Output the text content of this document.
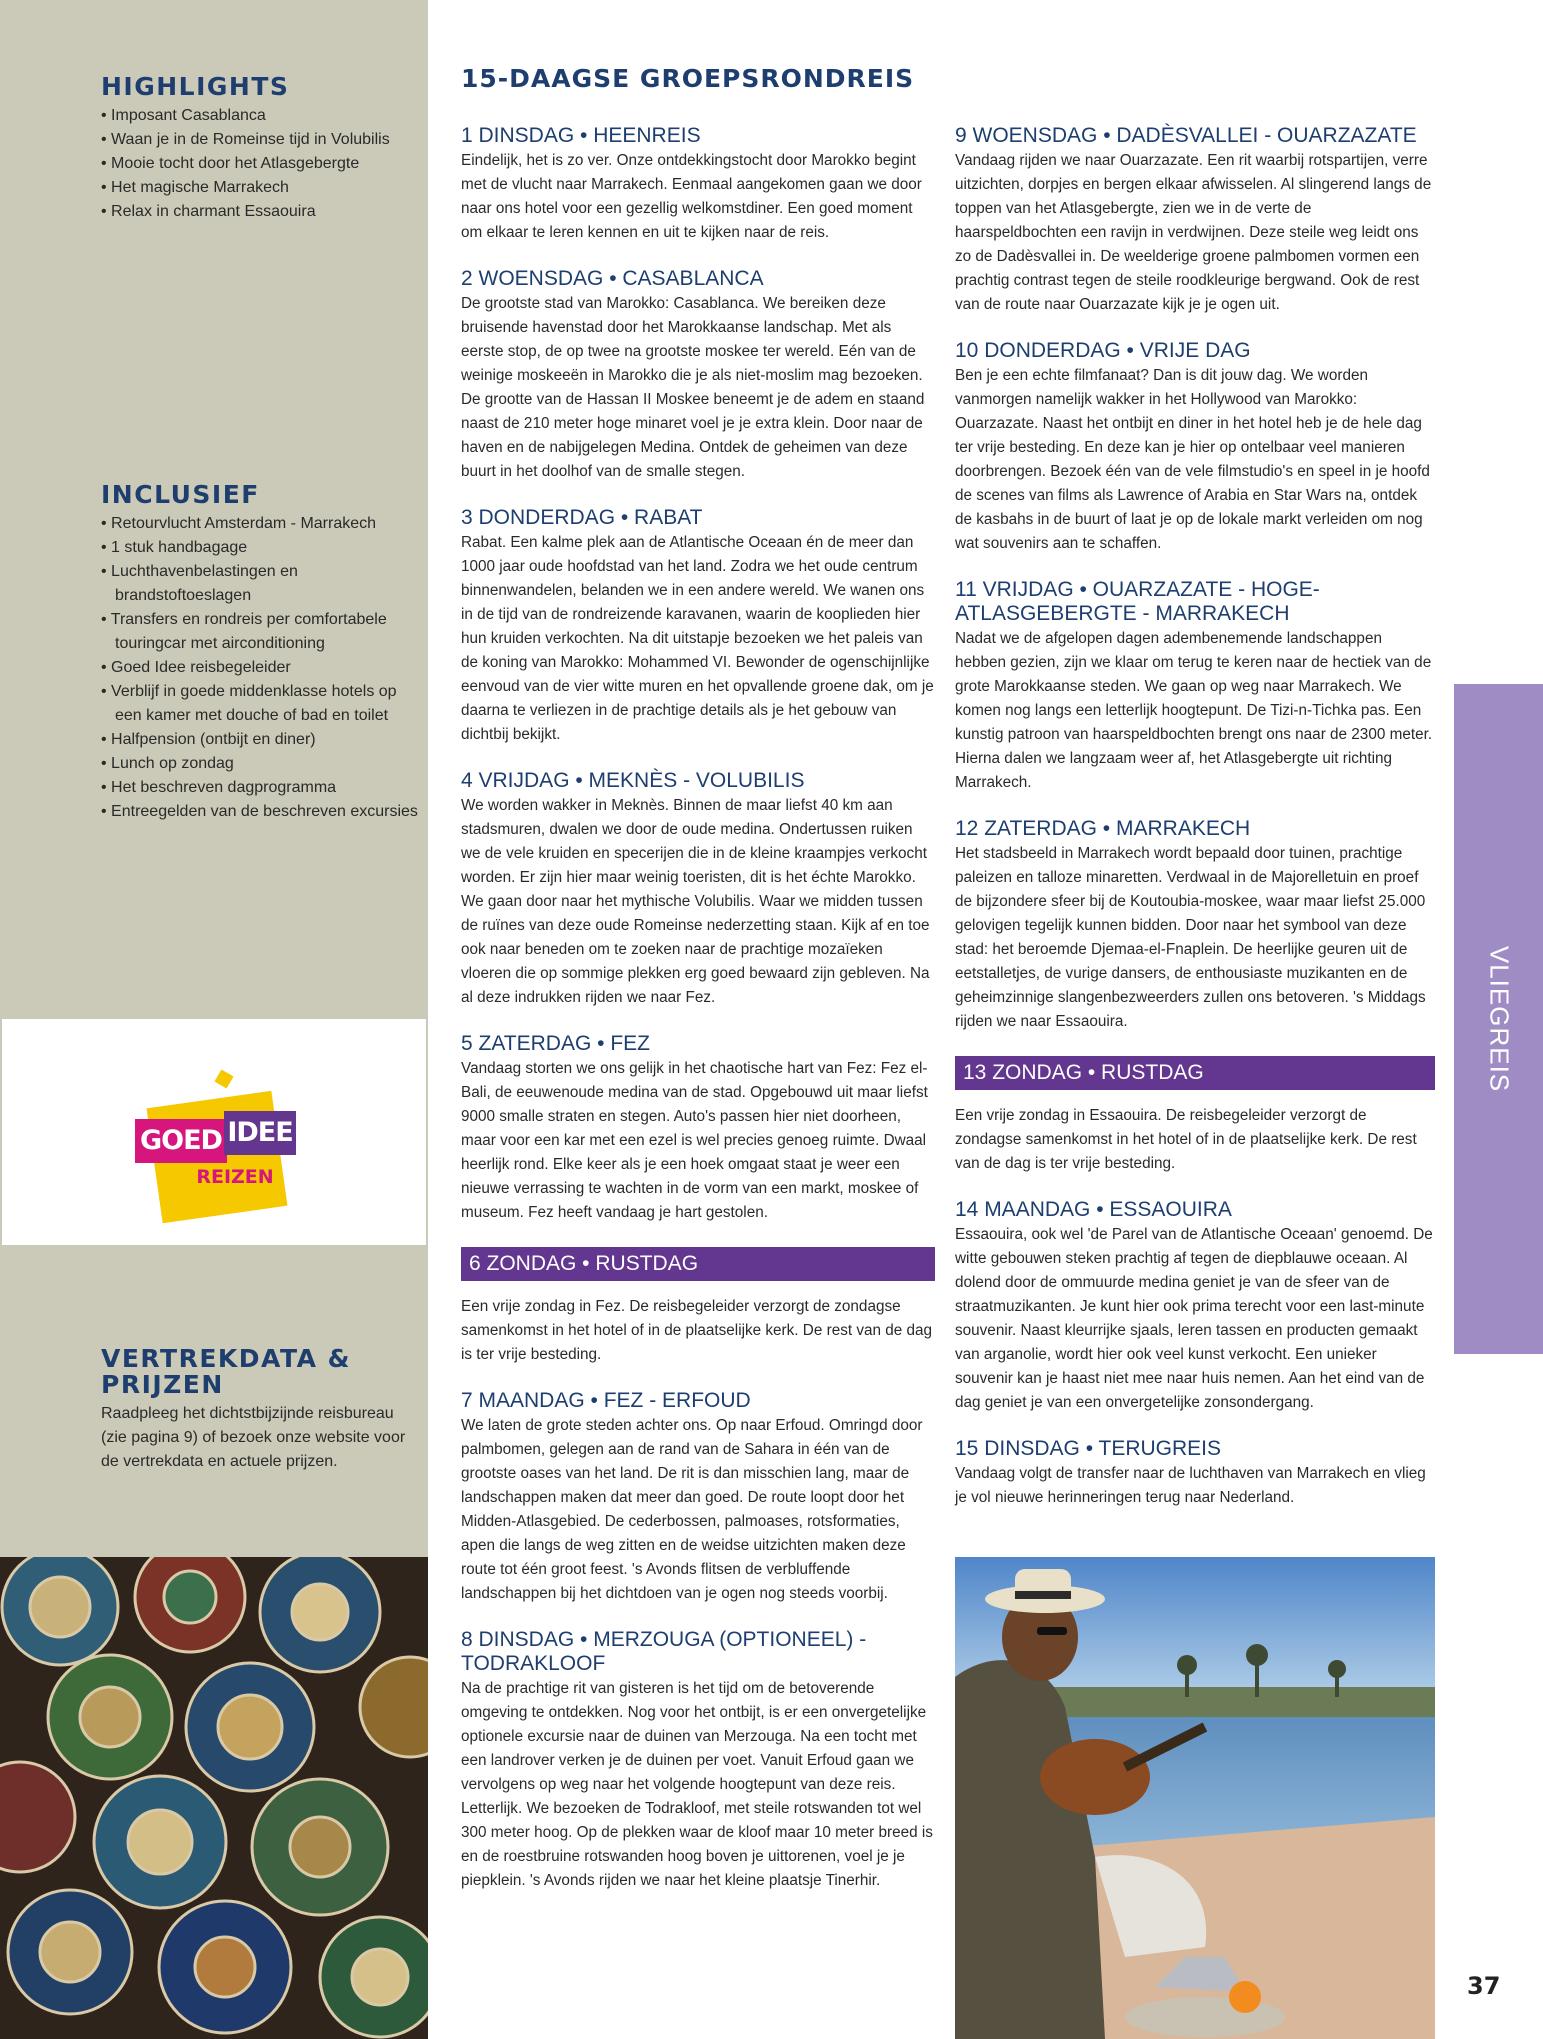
HIGHLIGHTS
• Imposant Casablanca
• Waan je in de Romeinse tijd in Volubilis
• Mooie tocht door het Atlasgebergte
• Het magische Marrakech
• Relax in charmant Essaouira
INCLUSIEF
• Retourvlucht Amsterdam - Marrakech
• 1 stuk handbagage
• Luchthavenbelastingen en brandstoftoeslagen
• Transfers en rondreis per comfortabele touringcar met airconditioning
• Goed Idee reisbegeleider
• Verblijf in goede middenklasse hotels op een kamer met douche of bad en toilet
• Halfpension (ontbijt en diner)
• Lunch op zondag
• Het beschreven dagprogramma
• Entreegelden van de beschreven excursies
GOED IDEE
REIZEN
VERTREKDATA &
PRIJZEN

Raadpleeg het dichtstbijzijnde reisbureau (zie pagina 9) of bezoek onze website voor de vertrekdata en actuele prijzen.

15-DAAGSE GROEPSRONDREIS
1 DINSDAG • HEENREIS

Eindelijk, het is zo ver. Onze ontdekkingstocht door Marokko begint met de vlucht naar Marrakech. Eenmaal aangekomen gaan we door naar ons hotel voor een gezellig welkomstdiner. Een goed moment om elkaar te leren kennen en uit te kijken naar de reis.

2 WOENSDAG • CASABLANCA

De grootste stad van Marokko: Casablanca. We bereiken deze bruisende havenstad door het Marokkaanse landschap. Met als eerste stop, de op twee na grootste moskee ter wereld. Eén van de weinige moskeeën in Marokko die je als niet-moslim mag bezoeken. De grootte van de Hassan II Moskee beneemt je de adem en staand naast de 210 meter hoge minaret voel je je extra klein. Door naar de haven en de nabijgelegen Medina. Ontdek de geheimen van deze buurt in het doolhof van de smalle stegen.

3 DONDERDAG • RABAT

Rabat. Een kalme plek aan de Atlantische Oceaan én de meer dan 1000 jaar oude hoofdstad van het land. Zodra we het oude centrum binnenwandelen, belanden we in een andere wereld. We wanen ons in de tijd van de rondreizende karavanen, waarin de kooplieden hier hun kruiden verkochten. Na dit uitstapje bezoeken we het paleis van de koning van Marokko: Mohammed VI. Bewonder de ogenschijnlijke eenvoud van de vier witte muren en het opvallende groene dak, om je daarna te verliezen in de prachtige details als je het gebouw van dichtbij bekijkt.

4 VRIJDAG • MEKNÈS - VOLUBILIS

We worden wakker in Meknès. Binnen de maar liefst 40 km aan stadsmuren, dwalen we door de oude medina. Ondertussen ruiken we de vele kruiden en specerijen die in de kleine kraampjes verkocht worden. Er zijn hier maar weinig toeristen, dit is het échte Marokko. We gaan door naar het mythische Volubilis. Waar we midden tussen de ruïnes van deze oude Romeinse nederzetting staan. Kijk af en toe ook naar beneden om te zoeken naar de prachtige mozaïeken vloeren die op sommige plekken erg goed bewaard zijn gebleven. Na al deze indrukken rijden we naar Fez.

5 ZATERDAG • FEZ

Vandaag storten we ons gelijk in het chaotische hart van Fez: Fez el-Bali, de eeuwenoude medina van de stad. Opgebouwd uit maar liefst 9000 smalle straten en stegen. Auto's passen hier niet doorheen, maar voor een kar met een ezel is wel precies genoeg ruimte. Dwaal heerlijk rond. Elke keer als je een hoek omgaat staat je weer een nieuwe verrassing te wachten in de vorm van een markt, moskee of museum. Fez heeft vandaag je hart gestolen.

6 ZONDAG • RUSTDAG

Een vrije zondag in Fez. De reisbegeleider verzorgt de zondagse samenkomst in het hotel of in de plaatselijke kerk. De rest van de dag is ter vrije besteding.

7 MAANDAG • FEZ - ERFOUD

We laten de grote steden achter ons. Op naar Erfoud. Omringd door palmbomen, gelegen aan de rand van de Sahara in één van de grootste oases van het land. De rit is dan misschien lang, maar de landschappen maken dat meer dan goed. De route loopt door het Midden-Atlasgebied. De cederbossen, palmoases, rotsformaties, apen die langs de weg zitten en de weidse uitzichten maken deze route tot één groot feest. 's Avonds flitsen de verbluffende landschappen bij het dichtdoen van je ogen nog steeds voorbij.

8 DINSDAG • MERZOUGA (OPTIONEEL) - TODRAKLOOF

Na de prachtige rit van gisteren is het tijd om de betoverende omgeving te ontdekken. Nog voor het ontbijt, is er een onvergetelijke optionele excursie naar de duinen van Merzouga. Na een tocht met een landrover verken je de duinen per voet. Vanuit Erfoud gaan we vervolgens op weg naar het volgende hoogtepunt van deze reis. Letterlijk. We bezoeken de Todrakloof, met steile rotswanden tot wel 300 meter hoog. Op de plekken waar de kloof maar 10 meter breed is en de roestbruine rotswanden hoog boven je uittorenen, voel je je piepklein. 's Avonds rijden we naar het kleine plaatsje Tinerhir.

9 WOENSDAG • DADÈSVALLEI - OUARZAZATE

Vandaag rijden we naar Ouarzazate. Een rit waarbij rotspartijen, verre uitzichten, dorpjes en bergen elkaar afwisselen. Al slingerend langs de toppen van het Atlasgebergte, zien we in de verte de haarspeldbochten een ravijn in verdwijnen. Deze steile weg leidt ons zo de Dadèsvallei in. De weelderige groene palmbomen vormen een prachtig contrast tegen de steile roodkleurige bergwand. Ook de rest van de route naar Ouarzazate kijk je je ogen uit.

10 DONDERDAG • VRIJE DAG

Ben je een echte filmfanaat? Dan is dit jouw dag. We worden vanmorgen namelijk wakker in het Hollywood van Marokko: Ouarzazate. Naast het ontbijt en diner in het hotel heb je de hele dag ter vrije besteding. En deze kan je hier op ontelbaar veel manieren doorbrengen. Bezoek één van de vele filmstudio's en speel in je hoofd de scenes van films als Lawrence of Arabia en Star Wars na, ontdek de kasbahs in de buurt of laat je op de lokale markt verleiden om nog wat souvenirs aan te schaffen.

11 VRIJDAG • OUARZAZATE - HOGE-ATLASGEBERGTE - MARRAKECH

Nadat we de afgelopen dagen adembenemende landschappen hebben gezien, zijn we klaar om terug te keren naar de hectiek van de grote Marokkaanse steden. We gaan op weg naar Marrakech. We komen nog langs een letterlijk hoogtepunt. De Tizi-n-Tichka pas. Een kunstig patroon van haarspeldbochten brengt ons naar de 2300 meter. Hierna dalen we langzaam weer af, het Atlasgebergte uit richting Marrakech.

12 ZATERDAG • MARRAKECH

Het stadsbeeld in Marrakech wordt bepaald door tuinen, prachtige paleizen en talloze minaretten. Verdwaal in de Majorelletuin en proef de bijzondere sfeer bij de Koutoubia-moskee, waar maar liefst 25.000 gelovigen tegelijk kunnen bidden. Door naar het symbool van deze stad: het beroemde Djemaa-el-Fnaplein. De heerlijke geuren uit de eetstalletjes, de vurige dansers, de enthousiaste muzikanten en de geheimzinnige slangenbezweerders zullen ons betoveren. 's Middags rijden we naar Essaouira.

13 ZONDAG • RUSTDAG

Een vrije zondag in Essaouira. De reisbegeleider verzorgt de zondagse samenkomst in het hotel of in de plaatselijke kerk. De rest van de dag is ter vrije besteding.

14 MAANDAG • ESSAOUIRA

Essaouira, ook wel 'de Parel van de Atlantische Oceaan' genoemd. De witte gebouwen steken prachtig af tegen de diepblauwe oceaan. Al dolend door de ommuurde medina geniet je van de sfeer van de straatmuzikanten. Je kunt hier ook prima terecht voor een last-minute souvenir. Naast kleurrijke sjaals, leren tassen en producten gemaakt van arganolie, wordt hier ook veel kunst verkocht. Een unieker souvenir kan je haast niet mee naar huis nemen. Aan het eind van de dag geniet je van een onvergetelijke zonsondergang.

15 DINSDAG • TERUGREIS

Vandaag volgt de transfer naar de luchthaven van Marrakech en vlieg je vol nieuwe herinneringen terug naar Nederland.

VLIEGREIS
37
